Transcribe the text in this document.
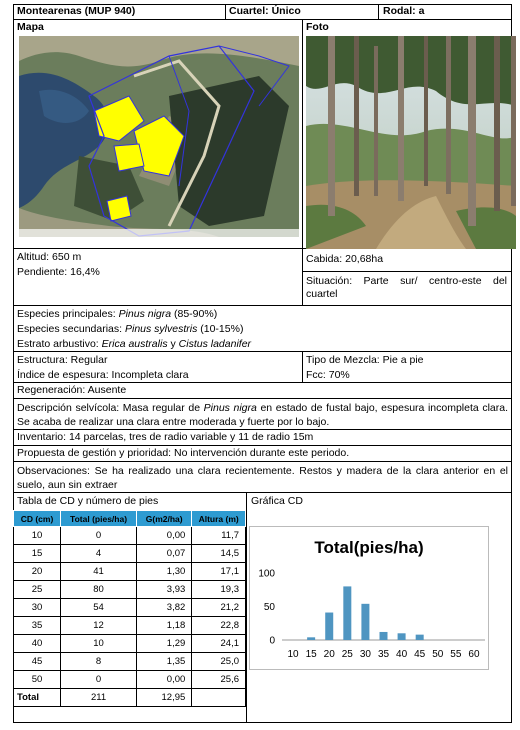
Montearenas (MUP 940)	Cuartel: Único	Rodal: a
Mapa	Foto
Altitud: 650 m
Pendiente: 16,4%
Cabida: 20,68ha
Situación: Parte sur/ centro-este del cuartel
Especies principales: Pinus nigra (85-90%)
Especies secundarias: Pinus sylvestris (10-15%)
Estrato arbustivo: Erica australis y Cistus ladanifer
Estructura: Regular
Índice de espesura: Incompleta clara
Tipo de Mezcla: Pie a pie
Fcc: 70%
Regeneración: Ausente
Descripción selvícola: Masa regular de Pinus nigra en estado de fustal bajo, espesura incompleta clara. Se acaba de realizar una clara entre moderada y fuerte por lo bajo.
Inventario: 14 parcelas, tres de radio variable y 11 de radio 15m
Propuesta de gestión y prioridad: No intervención durante este periodo.
Observaciones: Se ha realizado una clara recientemente. Restos y madera de la clara anterior en el suelo, aun sin extraer
Tabla de CD y número de pies	Gráfica CD
CD (cm)	Total (pies/ha)	G(m2/ha)	Altura (m)
10	0	0,00	11,7
15	4	0,07	14,5
20	41	1,30	17,1
25	80	3,93	19,3
30	54	3,82	21,2
35	12	1,18	22,8
40	10	1,29	24,1
45	8	1,35	25,0
50	0	0,00	25,6
Total	211	12,95	
Total(pies/ha)
100
50
0
10 15 20 25 30 35 40 45 50 55 60
